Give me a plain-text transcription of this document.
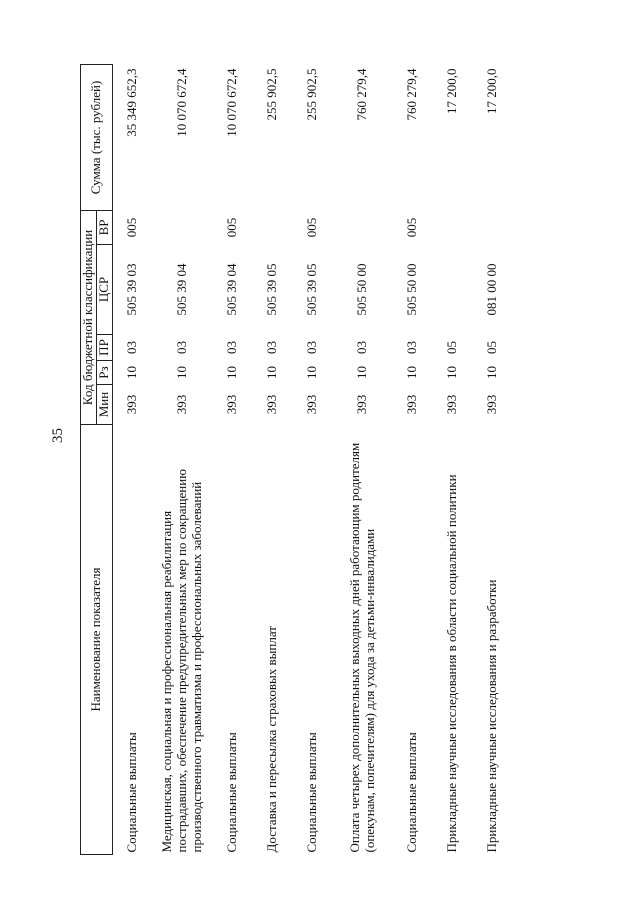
35
Наименование показателя	Код бюджетной классификации					Сумма (тыс. рублей)
	Мин	Рз	ПР	ЦСР	ВР	
Социальные выплаты	393	10	03	505 39 03	005	35 349 652,3
Медицинская, социальная и профессиональная реабилитация пострадавших, обеспечение предупредительных мер по сокращению производственного травматизма и профессиональных заболеваний	393	10	03	505 39 04		10 070 672,4
Социальные выплаты	393	10	03	505 39 04	005	10 070 672,4
Доставка и пересылка страховых выплат	393	10	03	505 39 05		255 902,5
Социальные выплаты	393	10	03	505 39 05	005	255 902,5
Оплата четырех дополнительных выходных дней работающим родителям (опекунам, попечителям) для ухода за детьми-инвалидами	393	10	03	505 50 00		760 279,4
Социальные выплаты	393	10	03	505 50 00	005	760 279,4
Прикладные научные исследования в области социальной политики	393	10	05			17 200,0
Прикладные научные исследования и разработки	393	10	05	081 00 00		17 200,0
